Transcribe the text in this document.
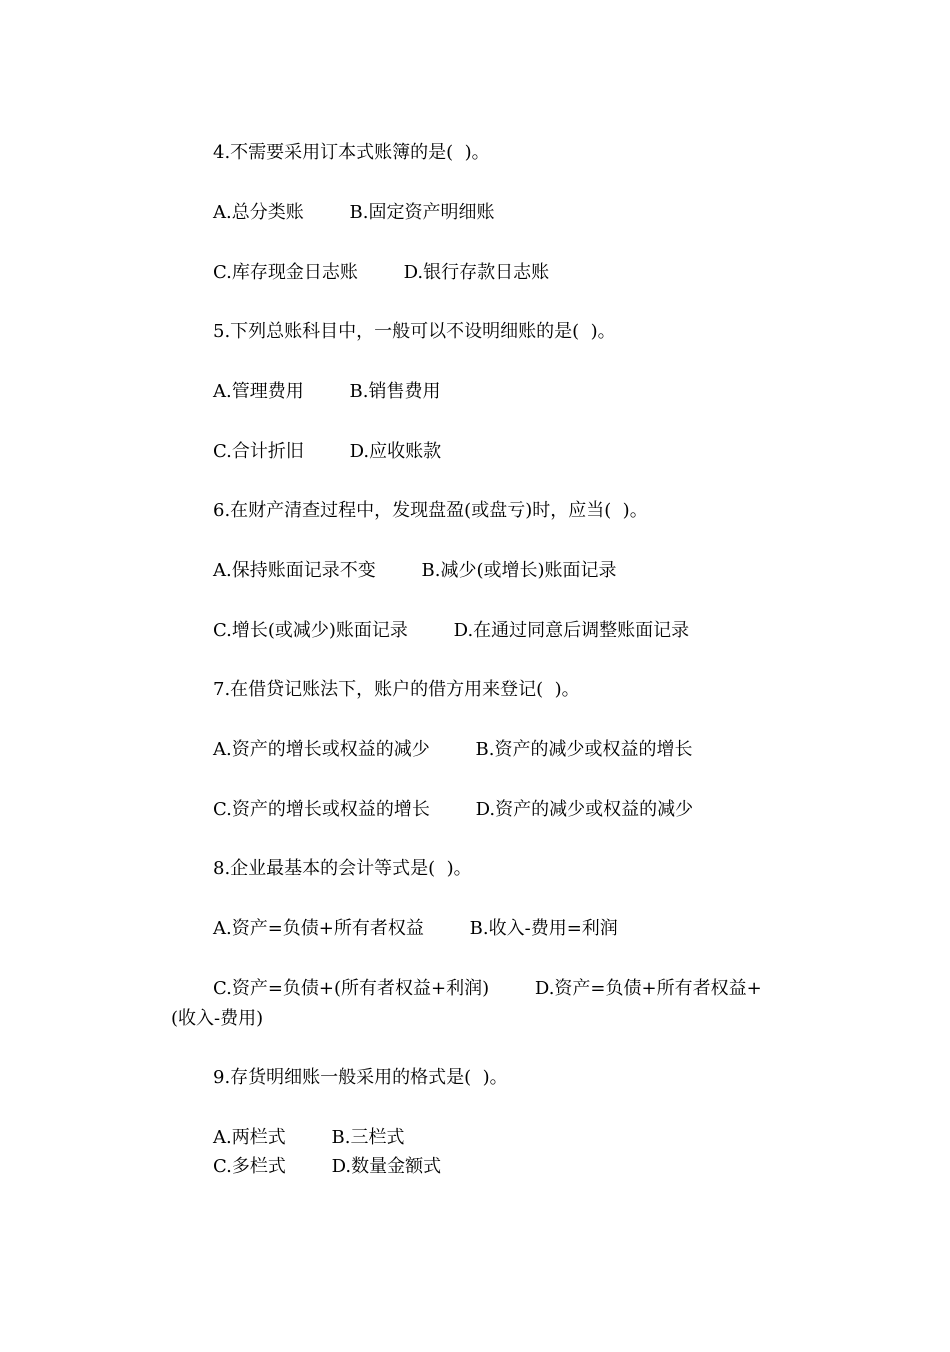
4.不需要采用订本式账簿的是(  )。
A.总分类账        B.固定资产明细账
C.库存现金日志账        D.银行存款日志账
5.下列总账科目中，一般可以不设明细账的是(  )。
A.管理费用        B.销售费用
C.合计折旧        D.应收账款
6.在财产清查过程中，发现盘盈(或盘亏)时，应当(  )。
A.保持账面记录不变        B.减少(或增长)账面记录
C.增长(或减少)账面记录        D.在通过同意后调整账面记录
7.在借贷记账法下，账户的借方用来登记(  )。
A.资产的增长或权益的减少        B.资产的减少或权益的增长
C.资产的增长或权益的增长        D.资产的减少或权益的减少
8.企业最基本的会计等式是(  )。
A.资产=负债+所有者权益        B.收入-费用=利润
C.资产=负债+(所有者权益+利润)        D.资产=负债+所有者权益+
(收入-费用)
9.存货明细账一般采用的格式是(  )。
A.两栏式        B.三栏式
C.多栏式        D.数量金额式
